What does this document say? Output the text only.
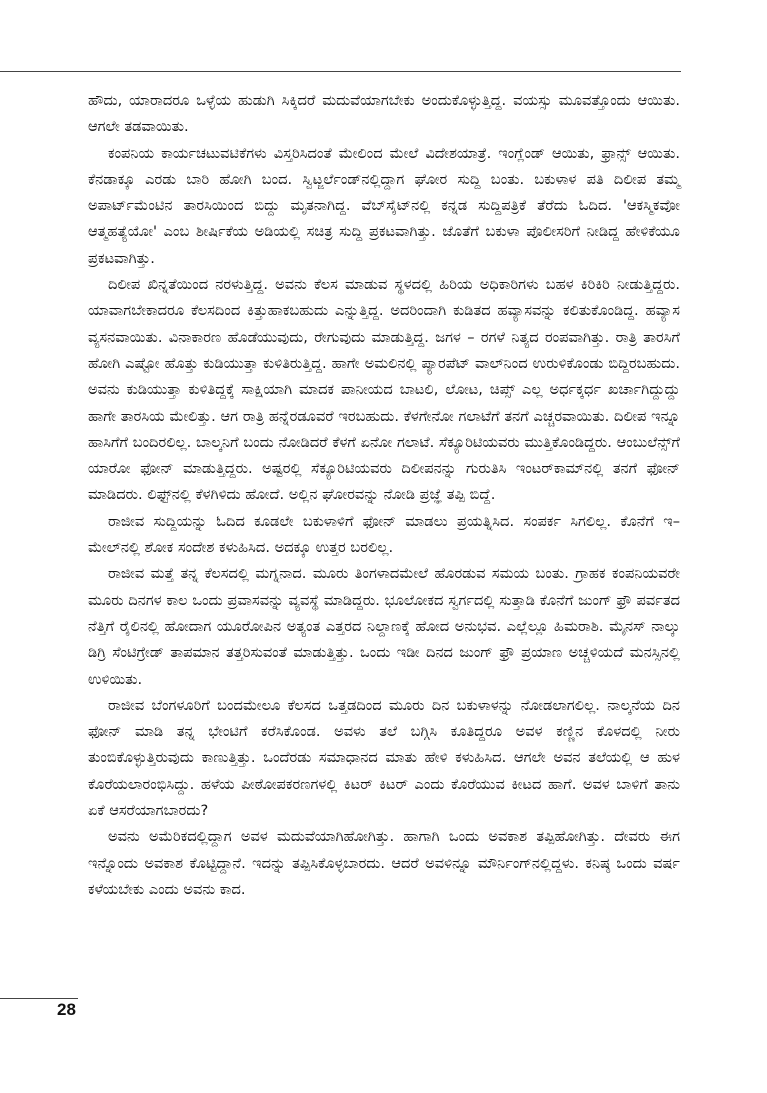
ಹೌದು, ಯಾರಾದರೂ ಒಳ್ಳೆಯ ಹುಡುಗಿ ಸಿಕ್ಕಿದರೆ ಮದುವೆಯಾಗಬೇಕು ಅಂದುಕೊಳ್ಳುತ್ತಿದ್ದ. ವಯಸ್ಸು ಮೂವತ್ತೊಂದು ಆಯಿತು. ಆಗಲೇ ತಡವಾಯಿತು.

ಕಂಪನಿಯ ಕಾರ್ಯಚಟುವಟಿಕೆಗಳು ವಿಸ್ತರಿಸಿದಂತೆ ಮೇಲಿಂದ ಮೇಲೆ ವಿದೇಶಯಾತ್ರೆ. ಇಂಗ್ಲೆಂಡ್ ಆಯಿತು, ಫ್ರಾನ್ಸ್ ಆಯಿತು. ಕೆನಡಾಕ್ಕೂ ಎರಡು ಬಾರಿ ಹೋಗಿ ಬಂದ. ಸ್ವಿಟ್ಜರ್ಲೆಂಡ್‌ನಲ್ಲಿದ್ದಾಗ ಘೋರ ಸುದ್ದಿ ಬಂತು. ಬಕುಳಾಳ ಪತಿ ದಿಲೀಪ ತಮ್ಮ ಅಪಾರ್ಟ್‌ಮೆಂಟಿನ ತಾರಸಿಯಿಂದ ಬಿದ್ದು ಮೃತನಾಗಿದ್ದ. ವೆಬ್‌ಸೈಟ್‌ನಲ್ಲಿ ಕನ್ನಡ ಸುದ್ದಿಪತ್ರಿಕೆ ತೆರೆದು ಓದಿದ. 'ಆಕಸ್ಮಿಕವೋ ಆತ್ಮಹತ್ಯೆಯೋ' ಎಂಬ ಶೀರ್ಷಿಕೆಯ ಅಡಿಯಲ್ಲಿ ಸಚಿತ್ರ ಸುದ್ದಿ ಪ್ರಕಟವಾಗಿತ್ತು. ಜೊತೆಗೆ ಬಕುಳಾ ಪೊಲೀಸರಿಗೆ ನೀಡಿದ್ದ ಹೇಳಿಕೆಯೂ ಪ್ರಕಟವಾಗಿತ್ತು.

ದಿಲೀಪ ಖಿನ್ನತೆಯಿಂದ ನರಳುತ್ತಿದ್ದ. ಅವನು ಕೆಲಸ ಮಾಡುವ ಸ್ಥಳದಲ್ಲಿ ಹಿರಿಯ ಅಧಿಕಾರಿಗಳು ಬಹಳ ಕಿರಿಕಿರಿ ನೀಡುತ್ತಿದ್ದರು. ಯಾವಾಗಬೇಕಾದರೂ ಕೆಲಸದಿಂದ ಕಿತ್ತುಹಾಕಬಹುದು ಎನ್ನುತ್ತಿದ್ದ. ಅದರಿಂದಾಗಿ ಕುಡಿತದ ಹವ್ಯಾಸವನ್ನು ಕಲಿತುಕೊಂಡಿದ್ದ. ಹವ್ಯಾಸ ವ್ಯಸನವಾಯಿತು. ವಿನಾಕಾರಣ ಹೊಡೆಯುವುದು, ರೇಗುವುದು ಮಾಡುತ್ತಿದ್ದ. ಜಗಳ – ರಗಳೆ ನಿತ್ಯದ ರಂಪವಾಗಿತ್ತು. ರಾತ್ರಿ ತಾರಸಿಗೆ ಹೋಗಿ ಎಷ್ಟೋ ಹೊತ್ತು ಕುಡಿಯುತ್ತಾ ಕುಳಿತಿರುತ್ತಿದ್ದ. ಹಾಗೇ ಅಮಲಿನಲ್ಲಿ ಪ್ಯಾರಪೆಟ್ ವಾಲ್‌ನಿಂದ ಉರುಳಿಕೊಂಡು ಬಿದ್ದಿರಬಹುದು. ಅವನು ಕುಡಿಯುತ್ತಾ ಕುಳಿತಿದ್ದಕ್ಕೆ ಸಾಕ್ಷಿಯಾಗಿ ಮಾದಕ ಪಾನೀಯದ ಬಾಟಲಿ, ಲೋಟ, ಚಿಪ್ಸ್ ಎಲ್ಲ ಅರ್ಧಕ್ಕರ್ಧ ಖರ್ಚಾಗಿದ್ದುದ್ದು ಹಾಗೇ ತಾರಸಿಯ ಮೇಲಿತ್ತು. ಆಗ ರಾತ್ರಿ ಹನ್ನೆರಡೂವರೆ ಇರಬಹುದು. ಕೆಳಗೇನೋ ಗಲಾಟೆಗೆ ತನಗೆ ಎಚ್ಚರವಾಯಿತು. ದಿಲೀಪ ಇನ್ನೂ ಹಾಸಿಗೆಗೆ ಬಂದಿರಲಿಲ್ಲ. ಬಾಲ್ಕನಿಗೆ ಬಂದು ನೋಡಿದರೆ ಕೆಳಗೆ ಏನೋ ಗಲಾಟೆ. ಸೆಕ್ಯೂರಿಟಿಯವರು ಮುತ್ತಿಕೊಂಡಿದ್ದರು. ಆಂಬುಲೆನ್ಸ್‌ಗೆ ಯಾರೋ ಫೋನ್ ಮಾಡುತ್ತಿದ್ದರು. ಅಷ್ಟರಲ್ಲಿ ಸೆಕ್ಯೂರಿಟಿಯವರು ದಿಲೀಪನನ್ನು ಗುರುತಿಸಿ ಇಂಟರ್‌ಕಾಮ್‌ನಲ್ಲಿ ತನಗೆ ಫೋನ್ ಮಾಡಿದರು. ಲಿಫ್ಟ್‌ನಲ್ಲಿ ಕೆಳಗಿಳಿದು ಹೋದೆ. ಅಲ್ಲಿನ ಘೋರವನ್ನು ನೋಡಿ ಪ್ರಜ್ಞೆ ತಪ್ಪಿ ಬಿದ್ದೆ.

ರಾಜೀವ ಸುದ್ದಿಯನ್ನು ಓದಿದ ಕೂಡಲೇ ಬಕುಳಾಳಿಗೆ ಫೋನ್ ಮಾಡಲು ಪ್ರಯತ್ನಿಸಿದ. ಸಂಪರ್ಕ ಸಿಗಲಿಲ್ಲ. ಕೊನೆಗೆ ಇ–ಮೇಲ್‌ನಲ್ಲಿ ಶೋಕ ಸಂದೇಶ ಕಳುಹಿಸಿದ. ಅದಕ್ಕೂ ಉತ್ತರ ಬರಲಿಲ್ಲ.

ರಾಜೀವ ಮತ್ತೆ ತನ್ನ ಕೆಲಸದಲ್ಲಿ ಮಗ್ನನಾದ. ಮೂರು ತಿಂಗಳಾದಮೇಲೆ ಹೊರಡುವ ಸಮಯ ಬಂತು. ಗ್ರಾಹಕ ಕಂಪನಿಯವರೇ ಮೂರು ದಿನಗಳ ಕಾಲ ಒಂದು ಪ್ರವಾಸವನ್ನು ವ್ಯವಸ್ಥೆ ಮಾಡಿದ್ದರು. ಭೂಲೋಕದ ಸ್ವರ್ಗದಲ್ಲಿ ಸುತ್ತಾಡಿ ಕೊನೆಗೆ ಜುಂಗ್ ಫ್ರೌ ಪರ್ವತದ ನೆತ್ತಿಗೆ ರೈಲಿನಲ್ಲಿ ಹೋದಾಗ ಯೂರೋಪಿನ ಅತ್ಯಂತ ಎತ್ತರದ ನಿಲ್ದಾಣಕ್ಕೆ ಹೋದ ಅನುಭವ. ಎಲ್ಲೆಲ್ಲೂ ಹಿಮರಾಶಿ. ಮೈನಸ್ ನಾಲ್ಕು ಡಿಗ್ರಿ ಸೆಂಟಿಗ್ರೇಡ್ ತಾಪಮಾನ ತತ್ತರಿಸುವಂತೆ ಮಾಡುತ್ತಿತ್ತು. ಒಂದು ಇಡೀ ದಿನದ ಜುಂಗ್ ಫ್ರೌ ಪ್ರಯಾಣ ಅಚ್ಚಳಿಯದೆ ಮನಸ್ಸಿನಲ್ಲಿ ಉಳಿಯಿತು.

ರಾಜೀವ ಬೆಂಗಳೂರಿಗೆ ಬಂದಮೇಲೂ ಕೆಲಸದ ಒತ್ತಡದಿಂದ ಮೂರು ದಿನ ಬಕುಳಾಳನ್ನು ನೋಡಲಾಗಲಿಲ್ಲ. ನಾಲ್ಕನೆಯ ದಿನ ಫೋನ್ ಮಾಡಿ ತನ್ನ ಭೇಂಟಿಗೆ ಕರೆಸಿಕೊಂಡ. ಅವಳು ತಲೆ ಬಗ್ಗಿಸಿ ಕೂತಿದ್ದರೂ ಅವಳ ಕಣ್ಣಿನ ಕೊಳದಲ್ಲಿ ನೀರು ತುಂಬಿಕೊಳ್ಳುತ್ತಿರುವುದು ಕಾಣುತ್ತಿತ್ತು. ಒಂದೆರಡು ಸಮಾಧಾನದ ಮಾತು ಹೇಳಿ ಕಳುಹಿಸಿದ. ಆಗಲೇ ಅವನ ತಲೆಯಲ್ಲಿ ಆ ಹುಳ ಕೊರೆಯಲಾರಂಭಿಸಿದ್ದು. ಹಳೆಯ ಪೀಠೋಪಕರಣಗಳಲ್ಲಿ ಕಿಟರ್ ಕಿಟರ್ ಎಂದು ಕೊರೆಯುವ ಕೀಟದ ಹಾಗೆ. ಅವಳ ಬಾಳಿಗೆ ತಾನು ಏಕೆ ಆಸರೆಯಾಗಬಾರದು?

ಅವನು ಅಮೆರಿಕದಲ್ಲಿದ್ದಾಗ ಅವಳ ಮದುವೆಯಾಗಿಹೋಗಿತ್ತು. ಹಾಗಾಗಿ ಒಂದು ಅವಕಾಶ ತಪ್ಪಿಹೋಗಿತ್ತು. ದೇವರು ಈಗ ಇನ್ನೊಂದು ಅವಕಾಶ ಕೊಟ್ಟಿದ್ದಾನೆ. ಇದನ್ನು ತಪ್ಪಿಸಿಕೊಳ್ಳಬಾರದು. ಆದರೆ ಅವಳಿನ್ನೂ ಮೌರ್ನಿಂಗ್‌ನಲ್ಲಿದ್ದಳು. ಕನಿಷ್ಠ ಒಂದು ವರ್ಷ ಕಳೆಯಬೇಕು ಎಂದು ಅವನು ಕಾದ.

28
